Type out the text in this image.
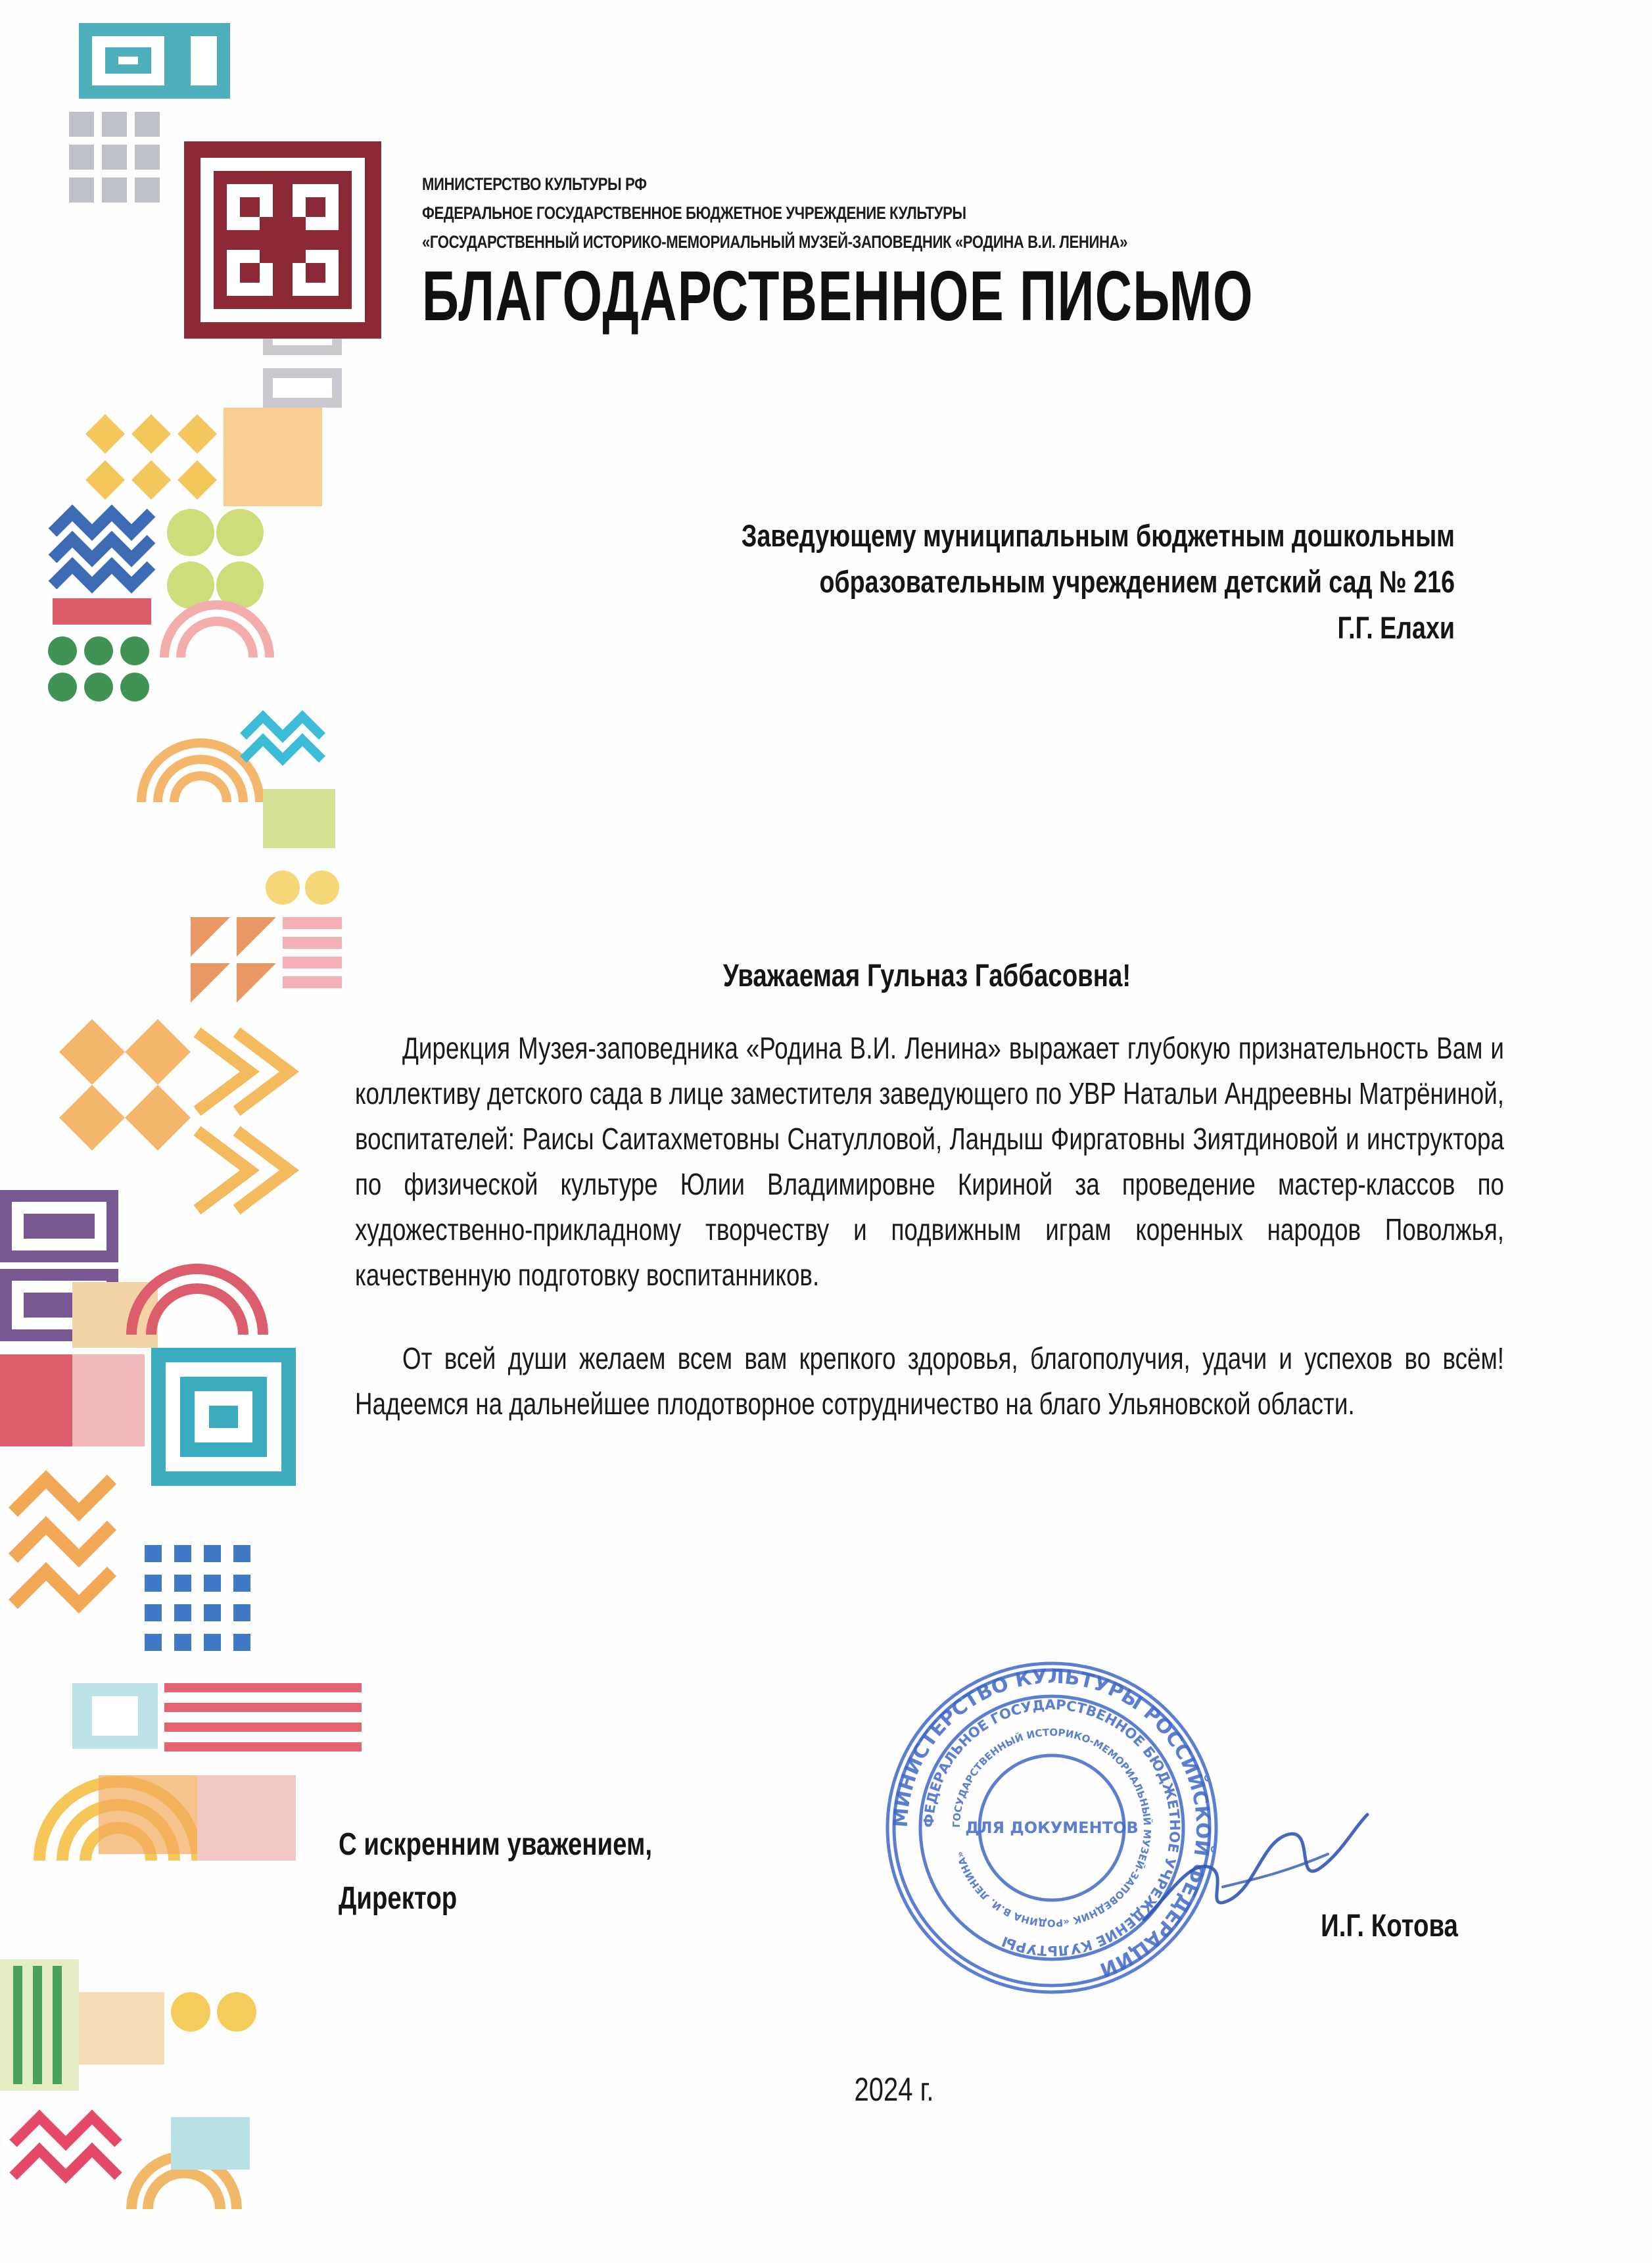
МИНИСТЕРСТВО КУЛЬТУРЫ РФ
ФЕДЕРАЛЬНОЕ ГОСУДАРСТВЕННОЕ БЮДЖЕТНОЕ УЧРЕЖДЕНИЕ КУЛЬТУРЫ
«ГОСУДАРСТВЕННЫЙ ИСТОРИКО-МЕМОРИАЛЬНЫЙ МУЗЕЙ-ЗАПОВЕДНИК «РОДИНА В.И. ЛЕНИНА»
БЛАГОДАРСТВЕННОЕ ПИСЬМО
Заведующему муниципальным бюджетным дошкольным
образовательным учреждением детский сад № 216
Г.Г. Елахи
Уважаемая Гульназ Габбасовна!

Дирекция Музея-заповедника «Родина В.И. Ленина» выражает глубокую признательность Вам и коллективу детского сада в лице заместителя заведующего по УВР Натальи Андреевны Матрёниной, воспитателей: Раисы Саитахметовны Снатулловой, Ландыш Фиргатовны Зиятдиновой и инструктора по физической культуре Юлии Владимировне Кириной за проведение мастер-классов по художественно-прикладному творчеству и подвижным играм коренных народов Поволжья, качественную подготовку воспитанников.

От всей души желаем всем вам крепкого здоровья, благополучия, удачи и успехов во всём! Надеемся на дальнейшее плодотворное сотрудничество на благо Ульяновской области.

МИНИСТЕРСТВО КУЛЬТУРЫ РОССИЙСКОЙ ФЕДЕРАЦИИ
ФЕДЕРАЛЬНОЕ ГОСУДАРСТВЕННОЕ БЮДЖЕТНОЕ УЧРЕЖДЕНИЕ КУЛЬТУРЫ
ГОСУДАРСТВЕННЫЙ ИСТОРИКО-МЕМОРИАЛЬНЫЙ МУЗЕЙ-ЗАПОВЕДНИК «РОДИНА В.И. ЛЕНИНА»
ДЛЯ ДОКУМЕНТОВ
С искренним уважением,
Директор
И.Г. Котова
2024 г.
